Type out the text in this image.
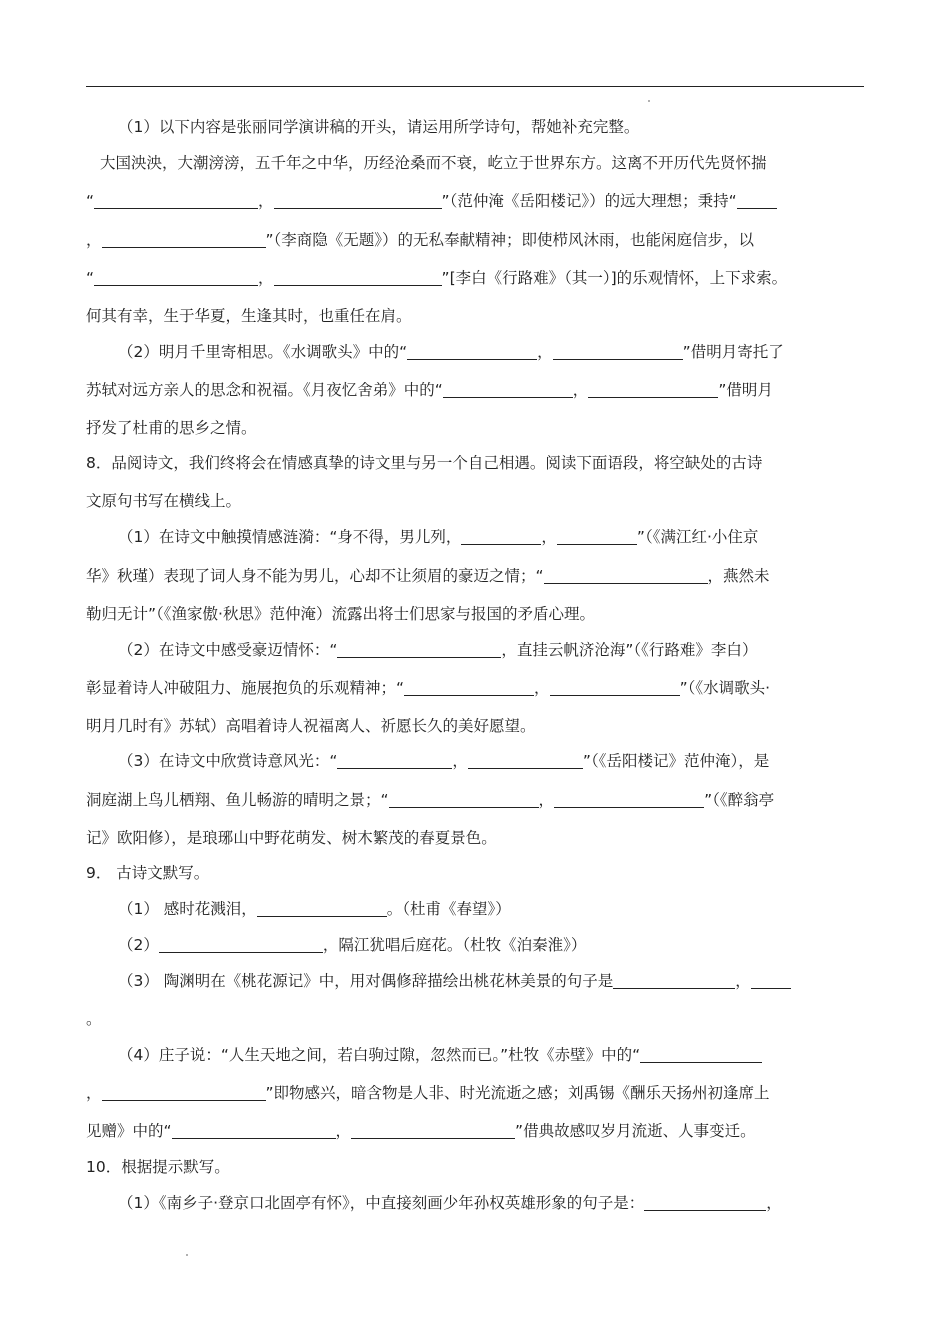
（1）以下内容是张丽同学演讲稿的开头，请运用所学诗句，帮她补充完整。
大国泱泱，大潮滂滂，五千年之中华，历经沧桑而不衰，屹立于世界东方。这离不开历代先贤怀揣
“	，	”（范仲淹《岳阳楼记》）的远大理想；秉持“
，	”（李商隐《无题》）的无私奉献精神；即使栉风沐雨，也能闲庭信步，以
“	，	”[李白《行路难》（其一）]的乐观情怀，上下求索。
何其有幸，生于华夏，生逢其时，也重任在肩。
（2）明月千里寄相思。《水调歌头》中的“	，	”借明月寄托了
苏轼对远方亲人的思念和祝福。《月夜忆舍弟》中的“	，	”借明月
抒发了杜甫的思乡之情。
8．品阅诗文，我们终将会在情感真挚的诗文里与另一个自己相遇。阅读下面语段，将空缺处的古诗
文原句书写在横线上。
（1）在诗文中触摸情感涟漪：“身不得，男儿列，	，	”（《满江红·小住京
华》秋瑾）表现了词人身不能为男儿，心却不让须眉的豪迈之情；“	，燕然未
勒归无计”（《渔家傲·秋思》范仲淹）流露出将士们思家与报国的矛盾心理。
（2）在诗文中感受豪迈情怀：“	，直挂云帆济沧海”（《行路难》李白）
彰显着诗人冲破阻力、施展抱负的乐观精神；“	，	”（《水调歌头·
明月几时有》苏轼）高唱着诗人祝福离人、祈愿长久的美好愿望。
（3）在诗文中欣赏诗意风光：“	，	”（《岳阳楼记》范仲淹），是
洞庭湖上鸟儿栖翔、鱼儿畅游的晴明之景；“	，	”（《醉翁亭
记》欧阳修），是琅琊山中野花萌发、树木繁茂的春夏景色。
9． 古诗文默写。
（1） 感时花溅泪，	。（杜甫《春望》）
（2）	，隔江犹唱后庭花。（杜牧《泊秦淮》）
（3） 陶渊明在《桃花源记》中，用对偶修辞描绘出桃花林美景的句子是	，
。
（4）庄子说：“人生天地之间，若白驹过隙，忽然而已。”杜牧《赤壁》中的“
，	”即物感兴，暗含物是人非、时光流逝之感；刘禹锡《酬乐天扬州初逢席上
见赠》中的“	，	”借典故感叹岁月流逝、人事变迁。
10．根据提示默写。
（1）《南乡子·登京口北固亭有怀》，中直接刻画少年孙权英雄形象的句子是：	，
